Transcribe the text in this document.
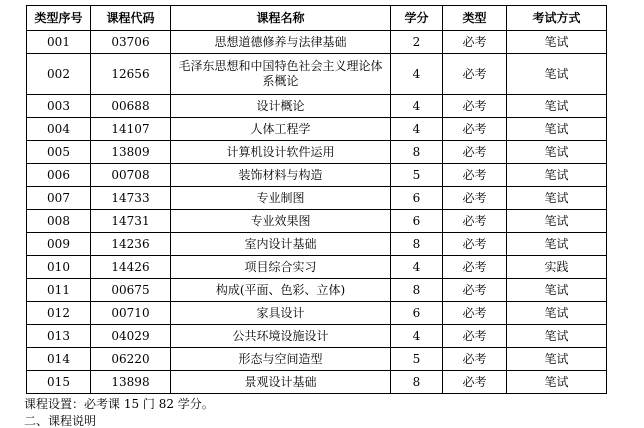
类型序号	课程代码	课程名称	学分	类型	考试方式
001	03706	思想道德修养与法律基础	2	必考	笔试
002	12656	毛泽东思想和中国特色社会主义理论体系概论	4	必考	笔试
003	00688	设计概论	4	必考	笔试
004	14107	人体工程学	4	必考	笔试
005	13809	计算机设计软件运用	8	必考	笔试
006	00708	装饰材料与构造	5	必考	笔试
007	14733	专业制图	6	必考	笔试
008	14731	专业效果图	6	必考	笔试
009	14236	室内设计基础	8	必考	笔试
010	14426	项目综合实习	4	必考	实践
011	00675	构成(平面、色彩、立体)	8	必考	笔试
012	00710	家具设计	6	必考	笔试
013	04029	公共环境设施设计	4	必考	笔试
014	06220	形态与空间造型	5	必考	笔试
015	13898	景观设计基础	8	必考	笔试
课程设置：必考课 15 门 82 学分。
二、课程说明
